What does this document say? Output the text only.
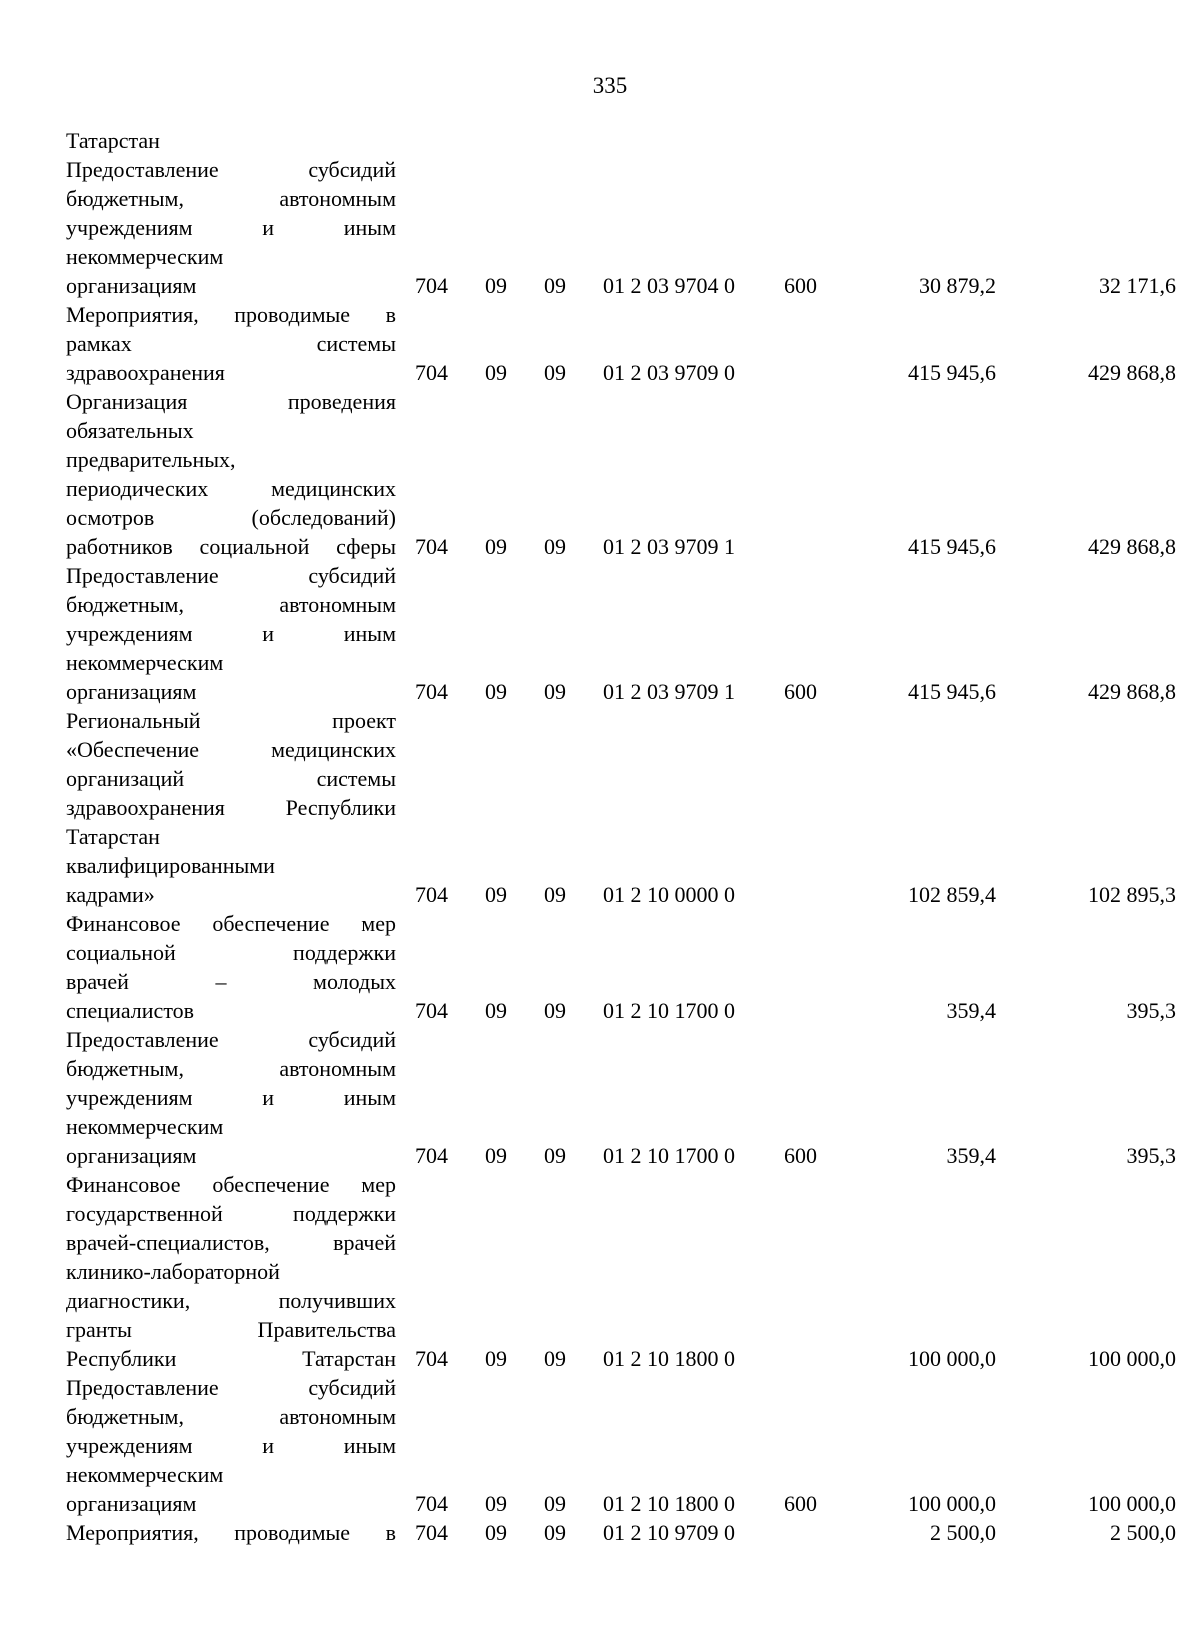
335
Татарстан
Предоставление субсидий
бюджетным, автономным
учреждениям и иным
некоммерческим
организациям	704 09 09 01 2 03 9704 0 600	30 879,2	32 171,6
Мероприятия, проводимые в
рамках системы
здравоохранения	704 09 09 01 2 03 9709 0	415 945,6	429 868,8
Организация проведения
обязательных
предварительных,
периодических медицинских
осмотров (обследований)
работников социальной сферы 704 09 09 01 2 03 9709 1	415 945,6	429 868,8
Предоставление субсидий
бюджетным, автономным
учреждениям и иным
некоммерческим
организациям	704 09 09 01 2 03 9709 1 600	415 945,6	429 868,8
Региональный проект
«Обеспечение медицинских
организаций системы
здравоохранения Республики
Татарстан
квалифицированными
кадрами»	704 09 09 01 2 10 0000 0	102 859,4	102 895,3
Финансовое обеспечение мер
социальной поддержки
врачей – молодых
специалистов	704 09 09 01 2 10 1700 0	359,4	395,3
Предоставление субсидий
бюджетным, автономным
учреждениям и иным
некоммерческим
организациям	704 09 09 01 2 10 1700 0 600	359,4	395,3
Финансовое обеспечение мер
государственной поддержки
врачей-специалистов, врачей
клинико-лабораторной
диагностики, получивших
гранты Правительства
Республики Татарстан 704 09 09 01 2 10 1800 0	100 000,0	100 000,0
Предоставление субсидий
бюджетным, автономным
учреждениям и иным
некоммерческим
организациям	704 09 09 01 2 10 1800 0 600	100 000,0	100 000,0
Мероприятия, проводимые в 704 09 09 01 2 10 9709 0	2 500,0	2 500,0
